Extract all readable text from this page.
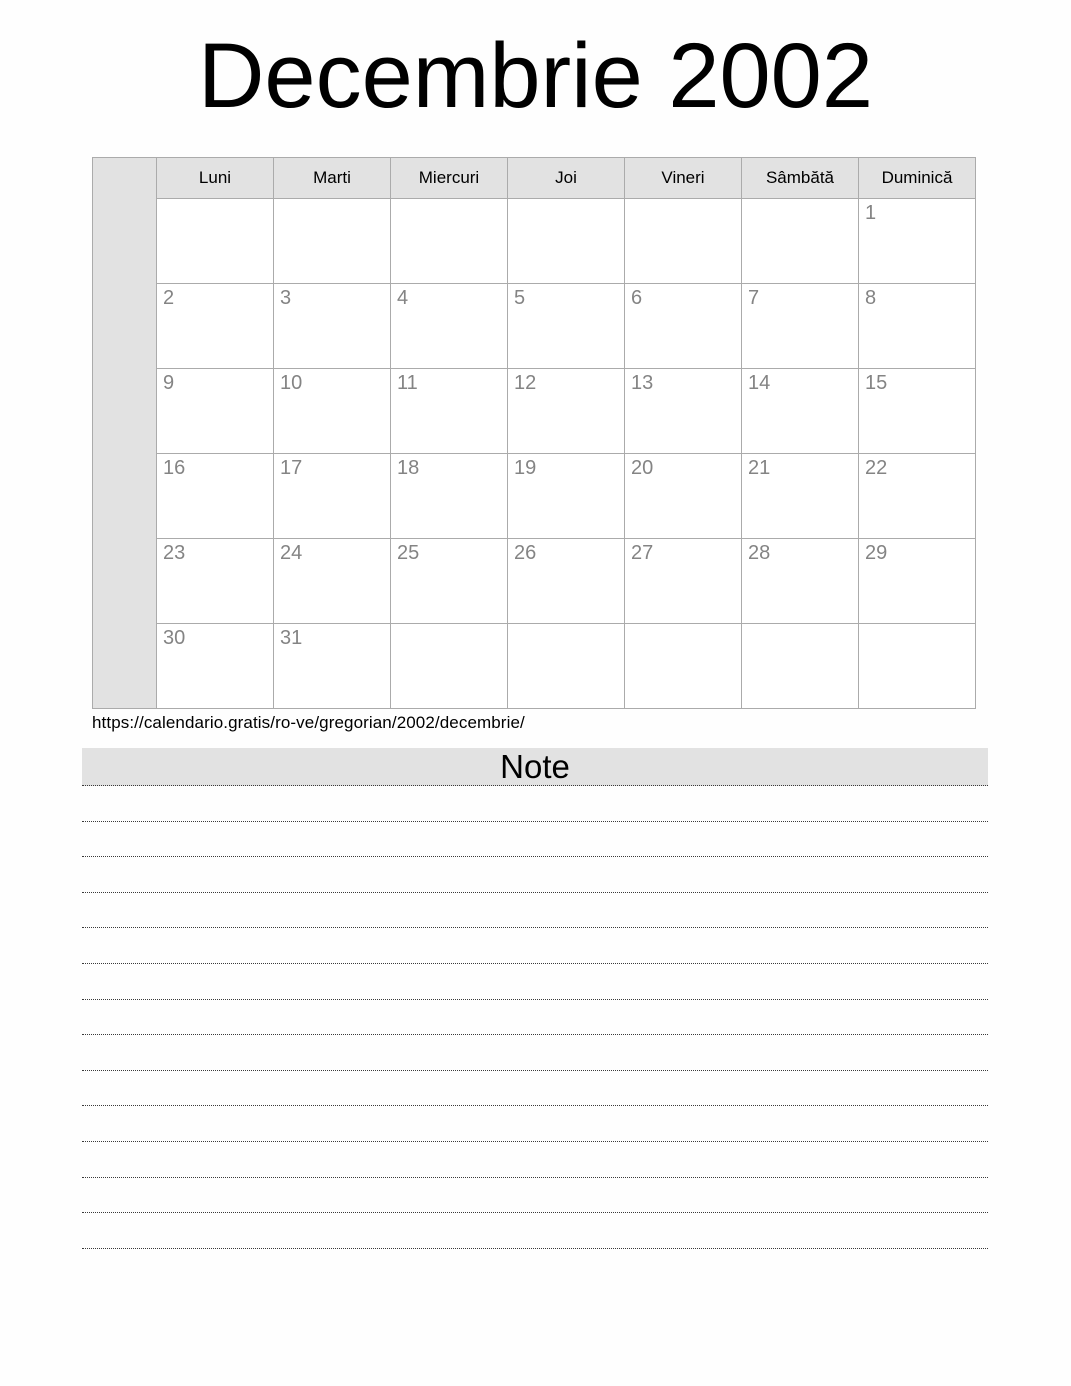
Decembrie 2002
	Luni	Marti	Miercuri	Joi	Vineri	Sâmbătă	Duminică
							1
	2	3	4	5	6	7	8
	9	10	11	12	13	14	15
	16	17	18	19	20	21	22
	23	24	25	26	27	28	29
	30	31					
https://calendario.gratis/ro-ve/gregorian/2002/decembrie/
Note
